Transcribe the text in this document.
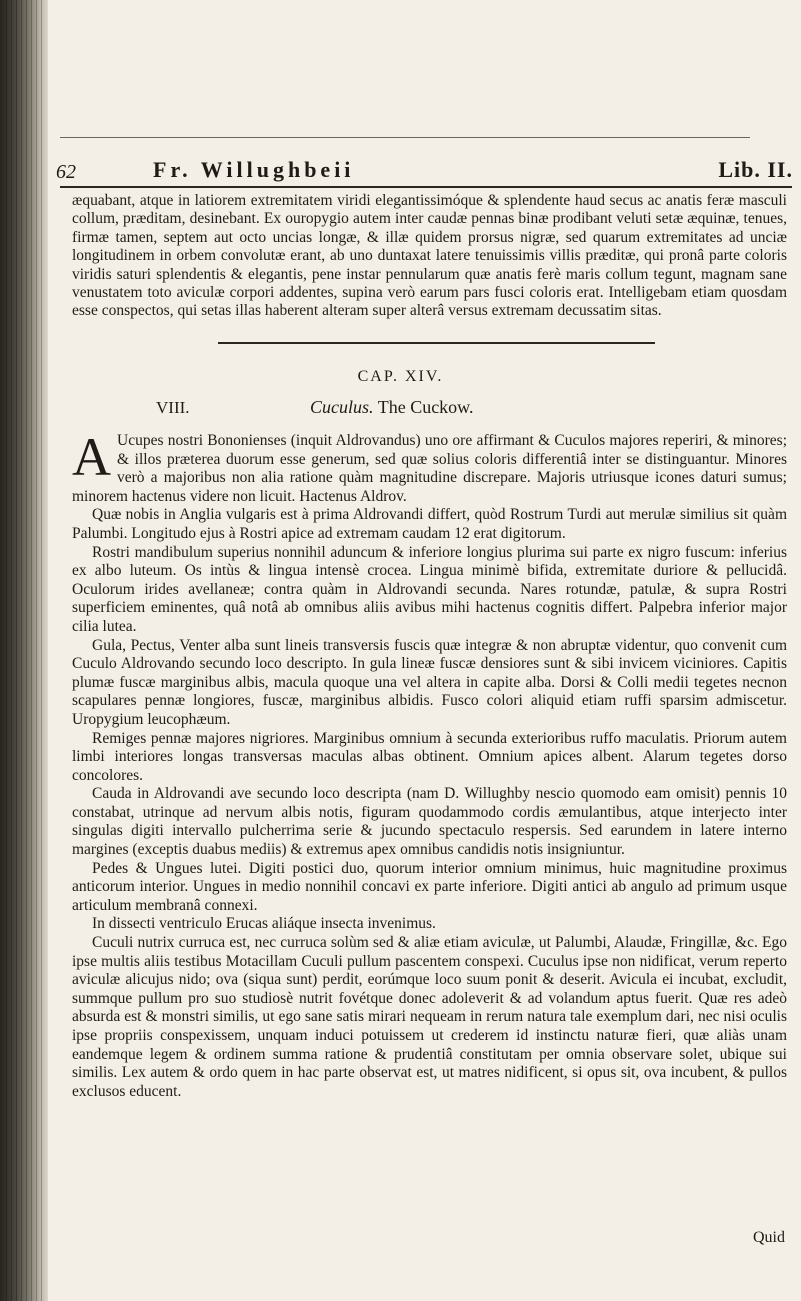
62	Fr. Willughbeii	Lib. II.

æquabant, atque in latiorem extremitatem viridi elegantissimóque & splendente haud secus ac anatis feræ masculi collum, præditam, desinebant. Ex ouropygio autem inter caudæ pennas binæ prodibant veluti setæ æquinæ, tenues, firmæ tamen, septem aut octo uncias longæ, & illæ quidem prorsus nigræ, sed quarum extremitates ad unciæ longitudinem in orbem convolutæ erant, ab uno duntaxat latere tenuissimis villis præditæ, qui pronâ parte coloris viridis saturi splendentis & elegantis, pene instar pennularum quæ anatis ferè maris collum tegunt, magnam sane venustatem toto aviculæ corpori addentes, supina verò earum pars fusci coloris erat. Intelligebam etiam quosdam esse conspectos, qui setas illas haberent alteram super alterâ versus extremam decussatim sitas.

CAP. XIV.
VIII.	Cuculus. The Cuckow.

A Ucupes nostri Bononienses (inquit Aldrovandus) uno ore affirmant & Cuculos majores reperiri, & minores; & illos præterea duorum esse generum, sed quæ solius coloris differentiâ inter se distinguantur. Minores verò a majoribus non alia ratione quàm magnitudine discrepare. Majoris utriusque icones daturi sumus; minorem hactenus videre non licuit. Hactenus Aldrov.

Quæ nobis in Anglia vulgaris est à prima Aldrovandi differt, quòd Rostrum Turdi aut merulæ similius sit quàm Palumbi. Longitudo ejus à Rostri apice ad extremam caudam 12 erat digitorum.

Rostri mandibulum superius nonnihil aduncum & inferiore longius plurima sui parte ex nigro fuscum: inferius ex albo luteum. Os intùs & lingua intensè crocea. Lingua minimè bifida, extremitate duriore & pellucidâ. Oculorum irides avellaneæ; contra quàm in Aldrovandi secunda. Nares rotundæ, patulæ, & supra Rostri superficiem eminentes, quâ notâ ab omnibus aliis avibus mihi hactenus cognitis differt. Palpebra inferior major cilia lutea.

Gula, Pectus, Venter alba sunt lineis transversis fuscis quæ integræ & non abruptæ videntur, quo convenit cum Cuculo Aldrovando secundo loco descripto. In gula lineæ fuscæ densiores sunt & sibi invicem viciniores. Capitis plumæ fuscæ marginibus albis, macula quoque una vel altera in capite alba. Dorsi & Colli medii tegetes necnon scapulares pennæ longiores, fuscæ, marginibus albidis. Fusco colori aliquid etiam ruffi sparsim admiscetur. Uropygium leucophæum.

Remiges pennæ majores nigriores. Marginibus omnium à secunda exterioribus ruffo maculatis. Priorum autem limbi interiores longas transversas maculas albas obtinent. Omnium apices albent. Alarum tegetes dorso concolores.

Cauda in Aldrovandi ave secundo loco descripta (nam D. Willughby nescio quomodo eam omisit) pennis 10 constabat, utrinque ad nervum albis notis, figuram quodammodo cordis æmulantibus, atque interjecto inter singulas digiti intervallo pulcherrima serie & jucundo spectaculo respersis. Sed earundem in latere interno margines (exceptis duabus mediis) & extremus apex omnibus candidis notis insigniuntur.

Pedes & Ungues lutei. Digiti postici duo, quorum interior omnium minimus, huic magnitudine proximus anticorum interior. Ungues in medio nonnihil concavi ex parte inferiore. Digiti antici ab angulo ad primum usque articulum membranâ connexi.

In dissecti ventriculo Erucas aliáque insecta invenimus.

Cuculi nutrix curruca est, nec curruca solùm sed & aliæ etiam aviculæ, ut Palumbi, Alaudæ, Fringillæ, &c. Ego ipse multis aliis testibus Motacillam Cuculi pullum pascentem conspexi. Cuculus ipse non nidificat, verum reperto aviculæ alicujus nido; ova (siqua sunt) perdit, eorúmque loco suum ponit & deserit. Avicula ei incubat, excludit, summque pullum pro suo studiosè nutrit fovétque donec adoleverit & ad volandum aptus fuerit. Quæ res adeò absurda est & monstri similis, ut ego sane satis mirari nequeam in rerum natura tale exemplum dari, nec nisi oculis ipse propriis conspexissem, unquam induci potuissem ut crederem id instinctu naturæ fieri, quæ aliàs unam eandemque legem & ordinem summa ratione & prudentiâ constitutam per omnia observare solet, ubique sui similis. Lex autem & ordo quem in hac parte observat est, ut matres nidificent, si opus sit, ova incubent, & pullos exclusos educent.

Quid
